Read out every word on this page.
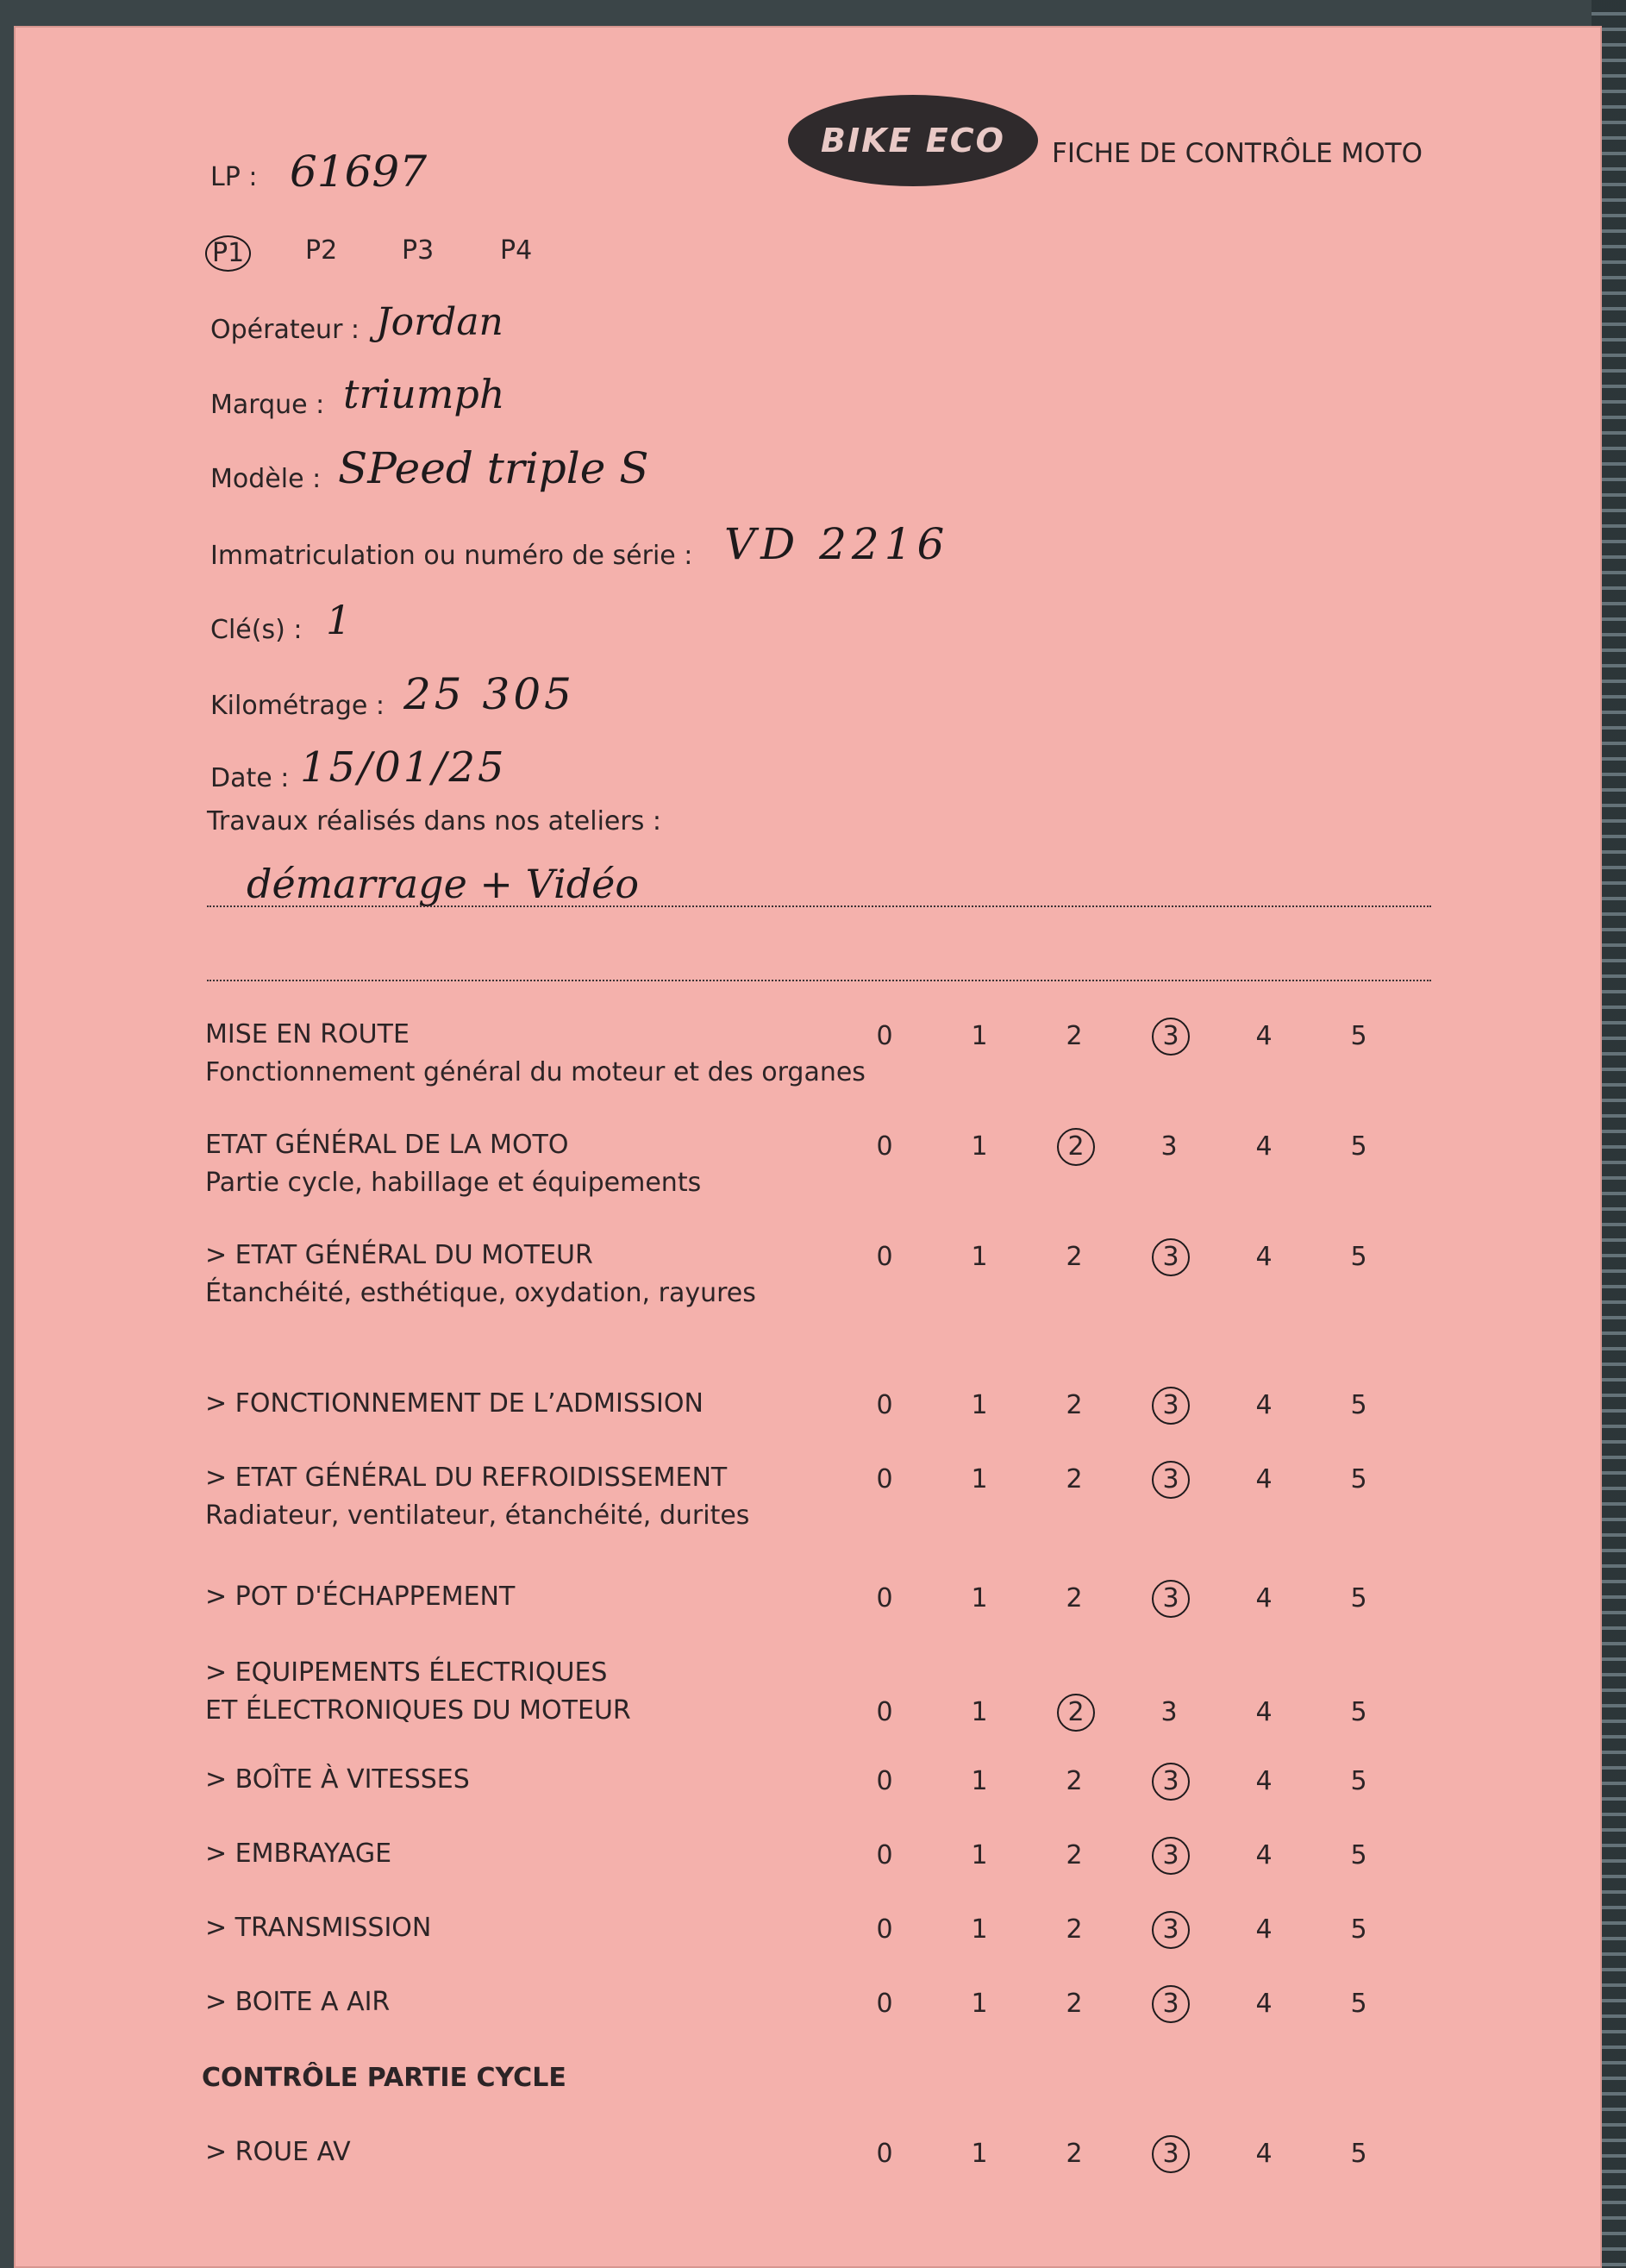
BIKE ECO FICHE DE CONTRÔLE MOTO
LP : 61697
P1 P2 P3	P4
Opérateur : Jordan
Marque : triumph
Modèle : SPeed triple S
Immatriculation ou numéro de série : VD 2216
Clé(s) : 1
Kilométrage : 25 305
Date : 15/01/25
Travaux réalisés dans nos ateliers :
démarrage + Vidéo
MISE EN ROUTE
Fonctionnement général du moteur et des organes
0	1	2	3	4	5
ETAT GÉNÉRAL DE LA MOTO
Partie cycle, habillage et équipements
0	1	2	3	4	5
> ETAT GÉNÉRAL DU MOTEUR
Étanchéité, esthétique, oxydation, rayures
0	1	2	3	4	5
> FONCTIONNEMENT DE L’ADMISSION	0	1	2	3	4	5
> ETAT GÉNÉRAL DU REFROIDISSEMENT
Radiateur, ventilateur, étanchéité, durites
0	1	2	3	4	5
> POT D'ÉCHAPPEMENT	0	1	2	3	4	5
> EQUIPEMENTS ÉLECTRIQUES
ET ÉLECTRONIQUES DU MOTEUR	0	1	2	3	4	5
> BOÎTE À VITESSES	0	1	2	3	4	5
> EMBRAYAGE	0	1	2	3	4	5
> TRANSMISSION	0	1	2	3	4	5
> BOITE A AIR	0	1	2	3	4	5
CONTRÔLE PARTIE CYCLE
> ROUE AV	0	1	2	3	4	5
